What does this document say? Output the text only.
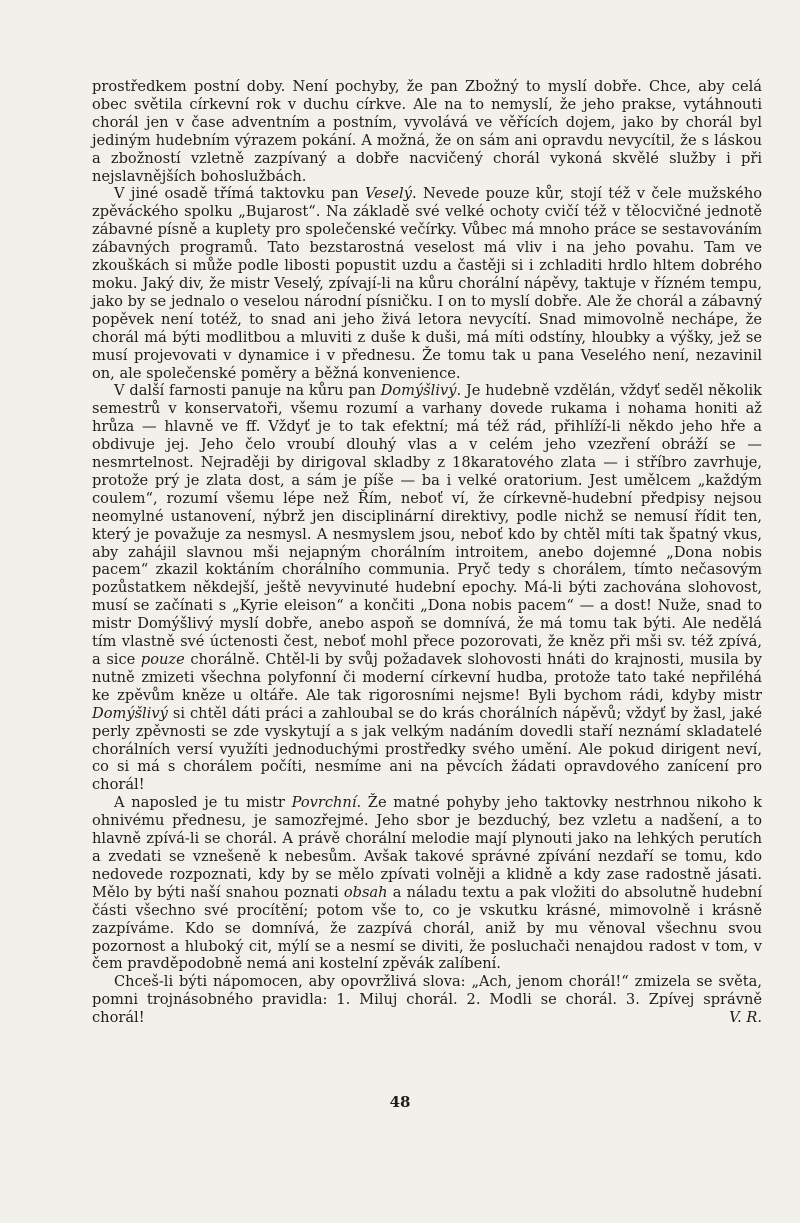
prostředkem postní doby. Není pochyby, že pan Zbožný to myslí dobře. Chce, aby celá obec světila církevní rok v duchu církve. Ale na to nemyslí, že jeho prakse, vytáhnouti chorál jen v čase adventním a postním, vyvolává ve věřících dojem, jako by chorál byl jediným hudebním výrazem pokání. A možná, že on sám ani opravdu nevycítil, že s láskou a zbožností vzletně zazpívaný a dobře nacvičený chorál vykoná skvělé služby i při nejslavnějších bohoslužbách.

V jiné osadě třímá taktovku pan Veselý. Nevede pouze kůr, stojí též v čele mužského zpěváckého spolku „Bujarost“. Na základě své velké ochoty cvičí též v tělocvičné jednotě zábavné písně a kuplety pro společenské večírky. Vůbec má mnoho práce se sestavováním zábavných programů. Tato bezstarostná veselost má vliv i na jeho povahu. Tam ve zkouškách si může podle libosti popustit uzdu a častěji si i zchladiti hrdlo hltem dobrého moku. Jaký div, že mistr Veselý, zpívají-li na kůru chorální nápěvy, taktuje v řízném tempu, jako by se jednalo o veselou národní písničku. I on to myslí dobře. Ale že chorál a zábavný popěvek není totéž, to snad ani jeho živá letora nevycítí. Snad mimovolně nechápe, že chorál má býti modlitbou a mluviti z duše k duši, má míti odstíny, hloubky a výšky, jež se musí projevovati v dynamice i v přednesu. Že tomu tak u pana Veselého není, nezavinil on, ale společenské poměry a běžná konvenience.

V další farnosti panuje na kůru pan Domýšlivý. Je hudebně vzdělán, vždyť seděl několik semestrů v konservatoři, všemu rozumí a varhany dovede rukama i nohama honiti až hrůza — hlavně ve ff. Vždyť je to tak efektní; má též rád, přihlíží-li někdo jeho hře a obdivuje jej. Jeho čelo vroubí dlouhý vlas a v celém jeho vzezření obráží se — nesmrtelnost. Nejraději by dirigoval skladby z 18karatového zlata — i stříbro zavrhuje, protože prý je zlata dost, a sám je píše — ba i velké oratorium. Jest umělcem „každým coulem“, rozumí všemu lépe než Řím, neboť ví, že církevně-hudební předpisy nejsou neomylné ustanovení, nýbrž jen disciplinární direktivy, podle nichž se nemusí řídit ten, který je považuje za nesmysl. A nesmyslem jsou, neboť kdo by chtěl míti tak špatný vkus, aby zahájil slavnou mši nejapným chorálním introitem, anebo dojemné „Dona nobis pacem“ zkazil koktáním chorálního communia. Pryč tedy s chorálem, tímto nečasovým pozůstatkem někdejší, ještě nevyvinuté hudební epochy. Má-li býti zachována slohovost, musí se začínati s „Kyrie eleison“ a končiti „Dona nobis pacem“ — a dost! Nuže, snad to mistr Domýšlivý myslí dobře, anebo aspoň se domnívá, že má tomu tak býti. Ale nedělá tím vlastně své úctenosti čest, neboť mohl přece pozorovati, že kněz při mši sv. též zpívá, a sice pouze chorálně. Chtěl-li by svůj požadavek slohovosti hnáti do krajnosti, musila by nutně zmizeti všechna polyfonní či moderní církevní hudba, protože tato také nepřiléhá ke zpěvům kněze u oltáře. Ale tak rigorosními nejsme! Byli bychom rádi, kdyby mistr Domýšlivý si chtěl dáti práci a zahloubal se do krás chorálních nápěvů; vždyť by žasl, jaké perly zpěvnosti se zde vyskytují a s jak velkým nadáním dovedli staří neznámí skladatelé chorálních versí využíti jednoduchými prostředky svého umění. Ale pokud dirigent neví, co si má s chorálem počíti, nesmíme ani na pěvcích žádati opravdového zanícení pro chorál!

A naposled je tu mistr Povrchní. Že matné pohyby jeho taktovky nestrhnou nikoho k ohnivému přednesu, je samozřejmé. Jeho sbor je bezduchý, bez vzletu a nadšení, a to hlavně zpívá-li se chorál. A právě chorální melodie mají plynouti jako na lehkých perutích a zvedati se vznešeně k nebesům. Avšak takové správné zpívání nezdaří se tomu, kdo nedovede rozpoznati, kdy by se mělo zpívati volněji a klidně a kdy zase radostně jásati. Mělo by býti naší snahou poznati obsah a náladu textu a pak vložiti do absolutně hudební části všechno své procítění; potom vše to, co je vskutku krásné, mimovolně i krásně zazpíváme. Kdo se domnívá, že zazpívá chorál, aniž by mu věnoval všechnu svou pozornost a hluboký cit, mýlí se a nesmí se diviti, že posluchači nenajdou radost v tom, v čem pravděpodobně nemá ani kostelní zpěvák zalíbení.

Chceš-li býti nápomocen, aby opovržlivá slova: „Ach, jenom chorál!“ zmizela se světa, pomni trojnásobného pravidla: 1. Miluj chorál. 2. Modli se chorál. 3. Zpívej správně chorál!	V. R.

48
